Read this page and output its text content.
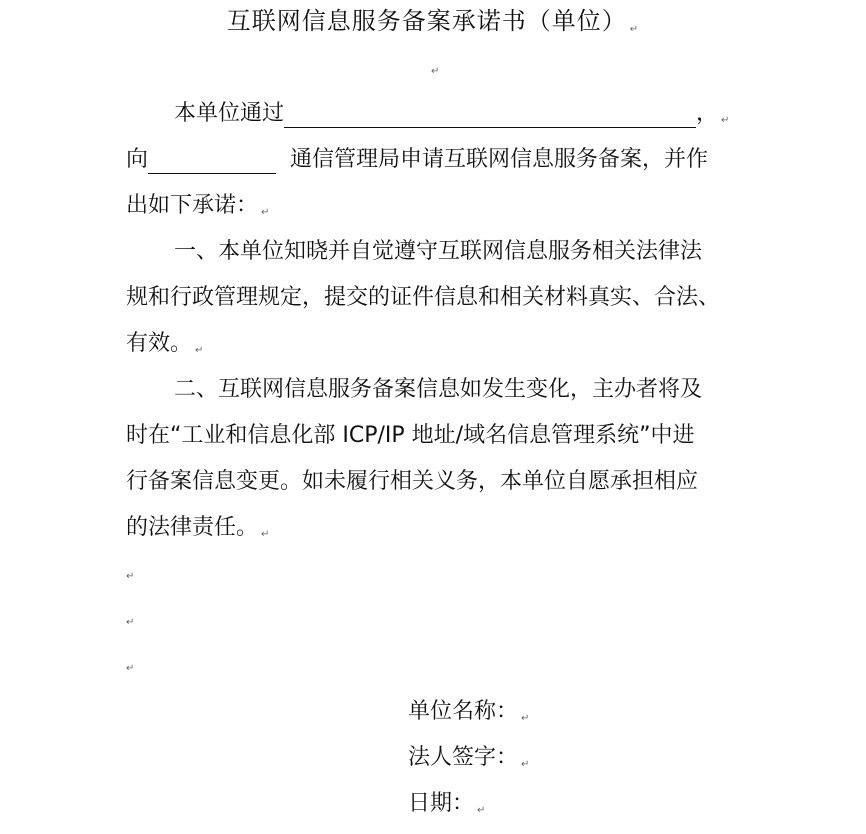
互联网信息服务备案承诺书（单位） ↵
↵
本单位通过	， ↵
向	通信管理局申请互联网信息服务备案，并作
出如下承诺： ↵
一、本单位知晓并自觉遵守互联网信息服务相关法律法
规和行政管理规定，提交的证件信息和相关材料真实、合法、
有效。 ↵
二、互联网信息服务备案信息如发生变化，主办者将及
时在“工业和信息化部 ICP/IP 地址/域名信息管理系统”中进
行备案信息变更。如未履行相关义务，本单位自愿承担相应
的法律责任。 ↵
↵
↵
↵
单位名称： ↵
法人签字： ↵
日期： ↵
